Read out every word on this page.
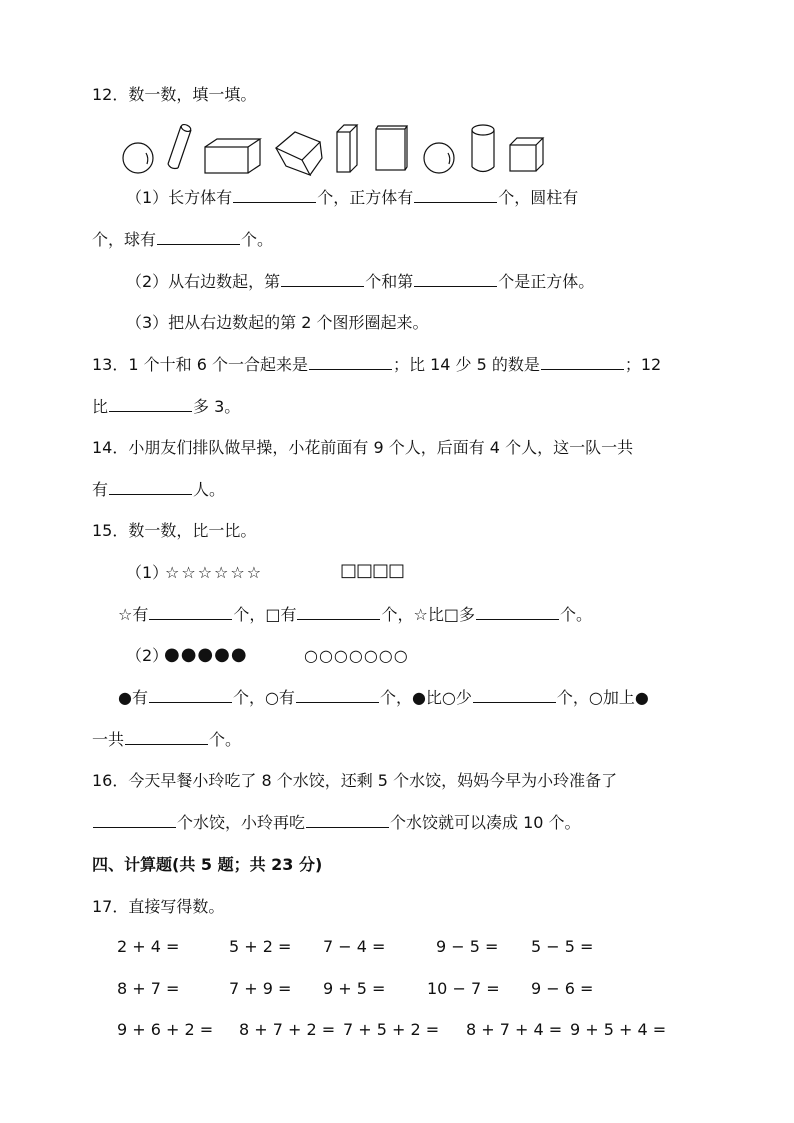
12．数一数，填一填。
（1）长方体有	个，正方体有	个，圆柱有
个，球有	个。
（2）从右边数起，第	个和第	个是正方体。
（3）把从右边数起的第 2 个图形圈起来。
13．1 个十和 6 个一合起来是	；比 14 少 5 的数是	；12
比	多 3。
14．小朋友们排队做早操，小花前面有 9 个人，后面有 4 个人，这一队一共
有	人。
15．数一数，比一比。
（1）
☆☆☆☆☆☆	□□□□
☆有	个，□有	个，☆比□多	个。
（2）
●●●●●	○○○○○○○
●有	个，○有	个，●比○少	个，○加上●
一共	个。
16．今天早餐小玲吃了 8 个水饺，还剩 5 个水饺，妈妈今早为小玲准备了
个水饺，小玲再吃	个水饺就可以凑成 10 个。
四、计算题(共 5 题；共 23 分)
17．直接写得数。
2 + 4 =	5 + 2 = 7 − 4 =	9 − 5 = 5 − 5 =
8 + 7 =	7 + 9 = 9 + 5 =	10 − 7 = 9 − 6 =
9 + 6 + 2 = 8 + 7 + 2 = 7 + 5 + 2 = 8 + 7 + 4 = 9 + 5 + 4 =
